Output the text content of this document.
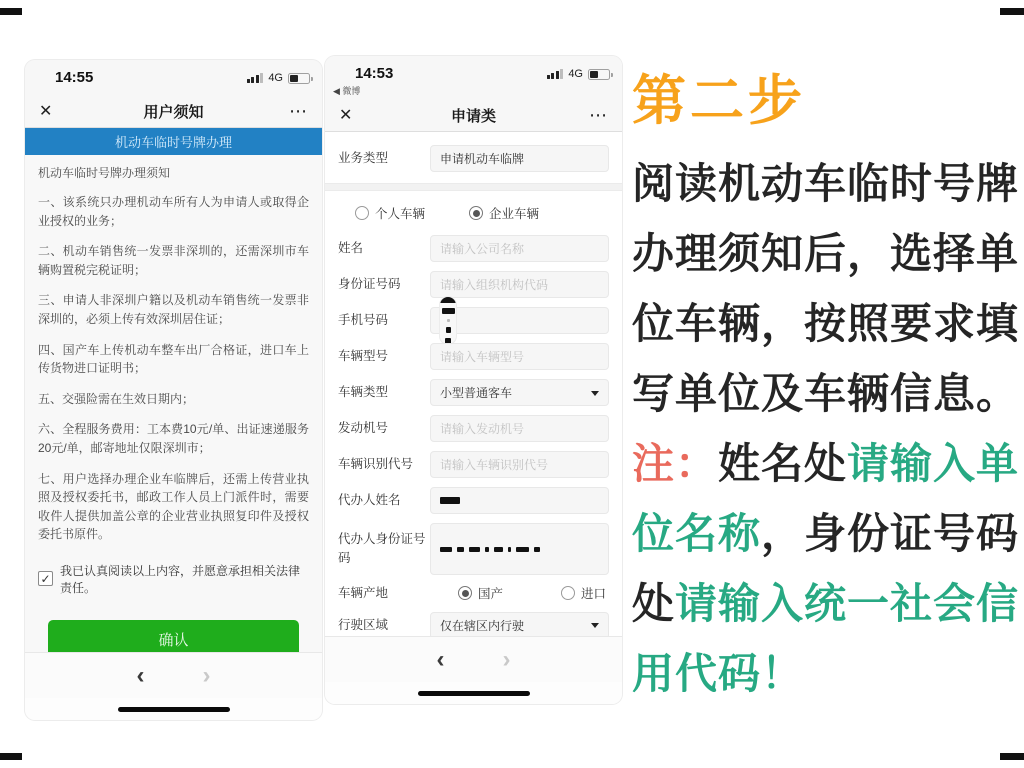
14:55	4G
✕	用户须知	⋯
机动车临时号牌办理
机动车临时号牌办理须知
一、该系统只办理机动车所有人为申请人或取得企业授权的业务；
二、机动车销售统一发票非深圳的，还需深圳市车辆购置税完税证明；
三、申请人非深圳户籍以及机动车销售统一发票非深圳的，必须上传有效深圳居住证；
四、国产车上传机动车整车出厂合格证，进口车上传货物进口证明书；
五、交强险需在生效日期内；
六、全程服务费用：工本费10元/单、出证速递服务20元/单，邮寄地址仅限深圳市；
七、用户选择办理企业车临牌后，还需上传营业执照及授权委托书，邮政工作人员上门派件时，需要收件人提供加盖公章的企业营业执照复印件及授权委托书原件。
✓
我已认真阅读以上内容，并愿意承担相关法律责任。
确认
‹ ›
14:53
◀ 微博
4G
✕	申请类	⋯
业务类型	申请机动车临牌
个人车辆	企业车辆
姓名	请输入公司名称
身份证号码	请输入组织机构代码
手机号码
车辆型号	请输入车辆型号
车辆类型	小型普通客车
发动机号	请输入发动机号
车辆识别代号	请输入车辆识别代号
代办人姓名
代办人身份证号码
车辆产地	国产	进口
行驶区域	仅在辖区内行驶
‹ ›
第二步
阅读机动车临时号牌
办理须知后，选择单
位车辆，按照要求填
写单位及车辆信息。
注：姓名处请输入单
位名称，身份证号码
处请输入统一社会信
用代码！
